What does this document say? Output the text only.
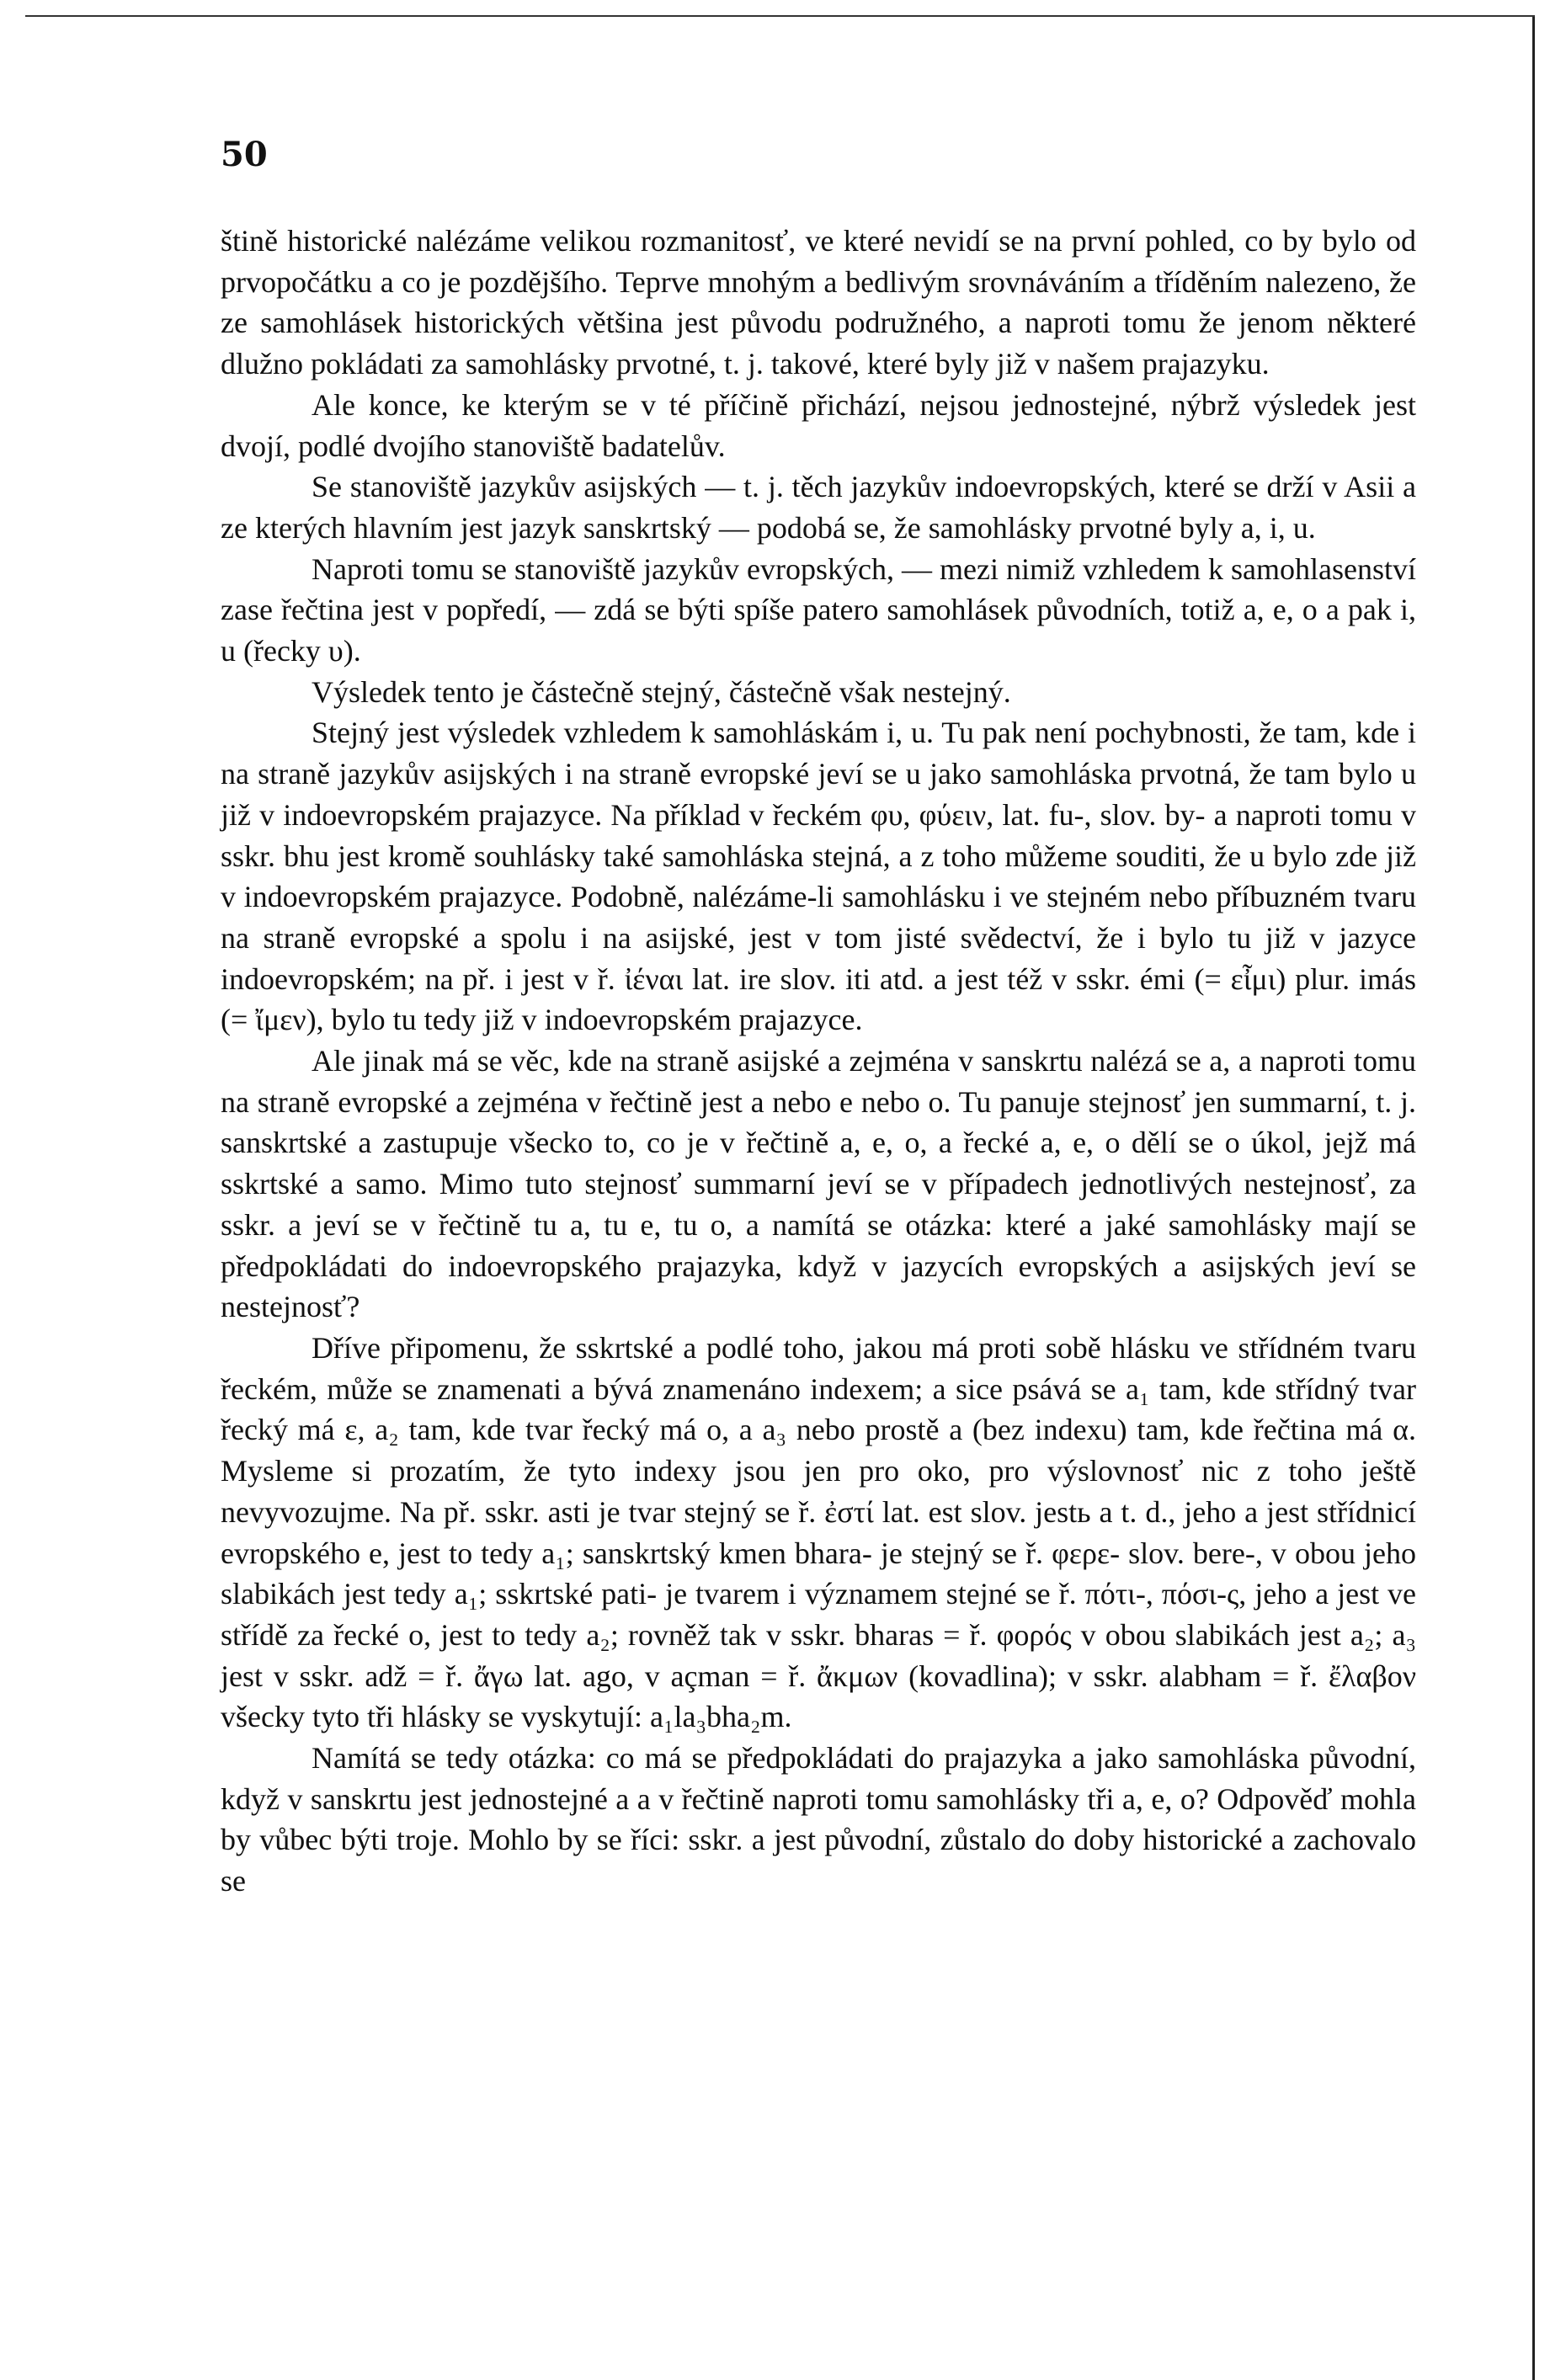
50

štině historické nalézáme velikou rozmanitosť, ve které nevidí se na první pohled, co by bylo od prvopočátku a co je pozdějšího. Teprve mnohým a bedlivým srovnáváním a tříděním nalezeno, že ze samohlásek historických většina jest původu podružného, a naproti tomu že jenom některé dlužno pokládati za samohlásky prvotné, t. j. takové, které byly již v našem prajazyku.

Ale konce, ke kterým se v té příčině přichází, nejsou jednostejné, nýbrž výsledek jest dvojí, podlé dvojího stanoviště badatelův.

Se stanoviště jazykův asijských — t. j. těch jazykův indoevropských, které se drží v Asii a ze kterých hlavním jest jazyk sanskrtský — podobá se, že samohlásky prvotné byly a, i, u.

Naproti tomu se stanoviště jazykův evropských, — mezi nimiž vzhledem k samohlasenství zase řečtina jest v popředí, — zdá se býti spíše patero samohlásek původních, totiž a, e, o a pak i, u (řecky υ).

Výsledek tento je částečně stejný, částečně však nestejný.

Stejný jest výsledek vzhledem k samohláskám i, u. Tu pak není pochybnosti, že tam, kde i na straně jazykův asijských i na straně evropské jeví se u jako samohláska prvotná, že tam bylo u již v indoevropském prajazyce. Na příklad v řeckém φυ, φύειν, lat. fu-, slov. by- a naproti tomu v sskr. bhu jest kromě souhlásky také samohláska stejná, a z toho můžeme souditi, že u bylo zde již v indoevropském prajazyce. Podobně, nalézáme-li samohlásku i ve stejném nebo příbuzném tvaru na straně evropské a spolu i na asijské, jest v tom jisté svědectví, že i bylo tu již v jazyce indoevropském; na př. i jest v ř. ἰέναι lat. ire slov. iti atd. a jest též v sskr. émi (= εἶμι) plur. imás (= ἴμεν), bylo tu tedy již v indoevropském prajazyce.

Ale jinak má se věc, kde na straně asijské a zejména v sanskrtu nalézá se a, a naproti tomu na straně evropské a zejména v řečtině jest a nebo e nebo o. Tu panuje stejnosť jen summarní, t. j. sanskrtské a zastupuje všecko to, co je v řečtině a, e, o, a řecké a, e, o dělí se o úkol, jejž má sskrtské a samo. Mimo tuto stejnosť summarní jeví se v případech jednotlivých nestejnosť, za sskr. a jeví se v řečtině tu a, tu e, tu o, a namítá se otázka: které a jaké samohlásky mají se předpokládati do indoevropského prajazyka, když v jazycích evropských a asijských jeví se nestejnosť?

Dříve připomenu, že sskrtské a podlé toho, jakou má proti sobě hlásku ve střídném tvaru řeckém, může se znamenati a bývá znamenáno indexem; a sice psává se a₁ tam, kde střídný tvar řecký má ε, a₂ tam, kde tvar řecký má ο, a a₃ nebo prostě a (bez indexu) tam, kde řečtina má α. Mysleme si prozatím, že tyto indexy jsou jen pro oko, pro výslovnosť nic z toho ještě nevyvozujme. Na př. sskr. asti je tvar stejný se ř. ἐστί lat. est slov. jestь a t. d., jeho a jest střídnicí evropského e, jest to tedy a₁; sanskrtský kmen bhara- je stejný se ř. φερε- slov. bere-, v obou jeho slabikách jest tedy a₁; sskrtské pati- je tvarem i významem stejné se ř. πότι-, πόσι-ς, jeho a jest ve střídě za řecké o, jest to tedy a₂; rovněž tak v sskr. bharas = ř. φορός v obou slabikách jest a₂; a₃ jest v sskr. adž = ř. ἄγω lat. ago, v açman = ř. ἄκμων (kovadlina); v sskr. alabham = ř. ἔλαβον všecky tyto tři hlásky se vyskytují: a₁la₃bha₂m.

Namítá se tedy otázka: co má se předpokládati do prajazyka a jako samohláska původní, když v sanskrtu jest jednostejné a a v řečtině naproti tomu samohlásky tři a, e, o? Odpověď mohla by vůbec býti troje. Mohlo by se říci: sskr. a jest původní, zůstalo do doby historické a zachovalo se
